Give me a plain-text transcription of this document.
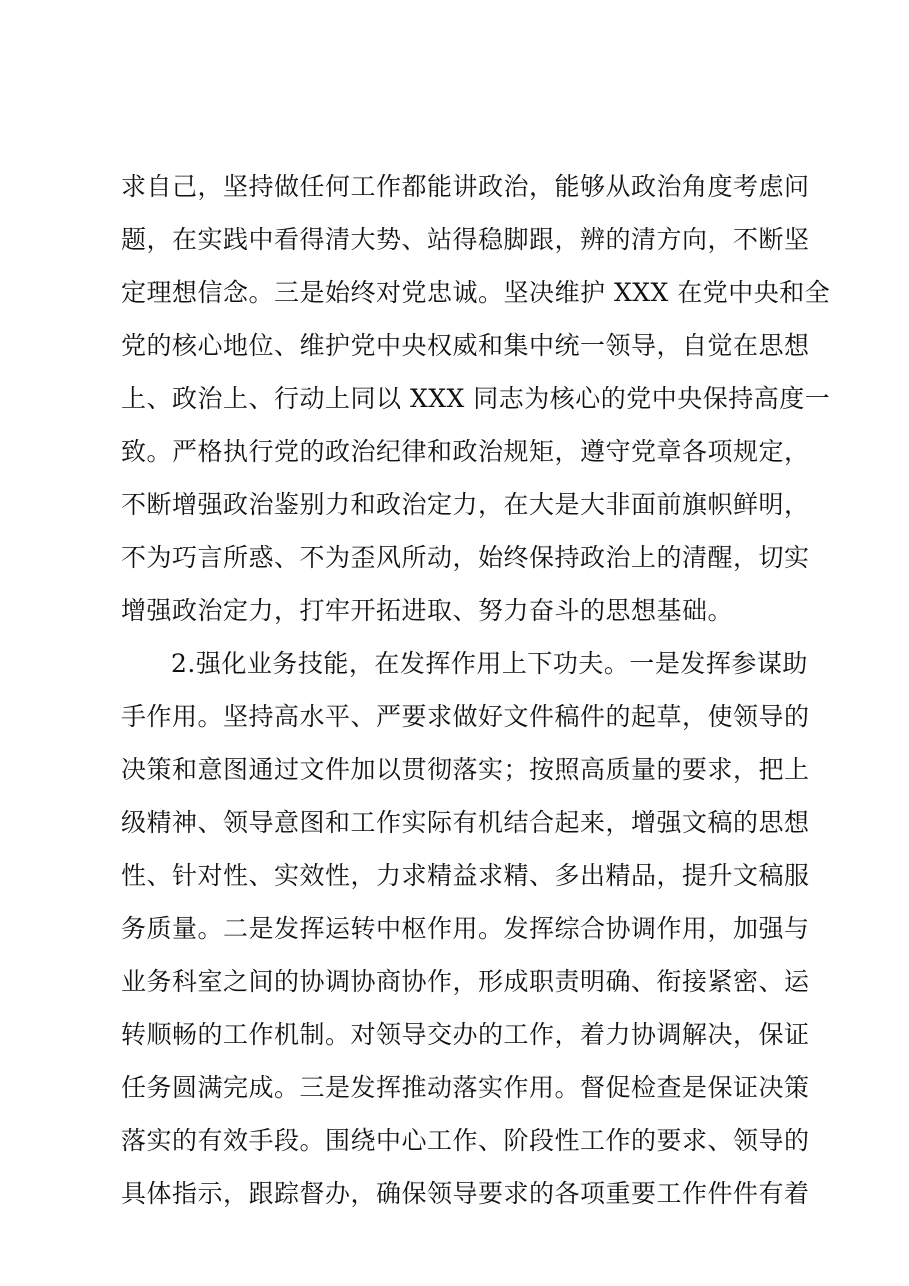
求自己，坚持做任何工作都能讲政治，能够从政治角度考虑问
题，在实践中看得清大势、站得稳脚跟，辨的清方向，不断坚
定理想信念。三是始终对党忠诚。坚决维护 XXX 在党中央和全
党的核心地位、维护党中央权威和集中统一领导，自觉在思想
上、政治上、行动上同以 XXX 同志为核心的党中央保持高度一
致。严格执行党的政治纪律和政治规矩，遵守党章各项规定，
不断增强政治鉴别力和政治定力，在大是大非面前旗帜鲜明，
不为巧言所惑、不为歪风所动，始终保持政治上的清醒，切实
增强政治定力，打牢开拓进取、努力奋斗的思想基础。
2.强化业务技能，在发挥作用上下功夫。一是发挥参谋助
手作用。坚持高水平、严要求做好文件稿件的起草，使领导的
决策和意图通过文件加以贯彻落实；按照高质量的要求，把上
级精神、领导意图和工作实际有机结合起来，增强文稿的思想
性、针对性、实效性，力求精益求精、多出精品，提升文稿服
务质量。二是发挥运转中枢作用。发挥综合协调作用，加强与
业务科室之间的协调协商协作，形成职责明确、衔接紧密、运
转顺畅的工作机制。对领导交办的工作，着力协调解决，保证
任务圆满完成。三是发挥推动落实作用。督促检查是保证决策
落实的有效手段。围绕中心工作、阶段性工作的要求、领导的
具体指示，跟踪督办，确保领导要求的各项重要工作件件有着
